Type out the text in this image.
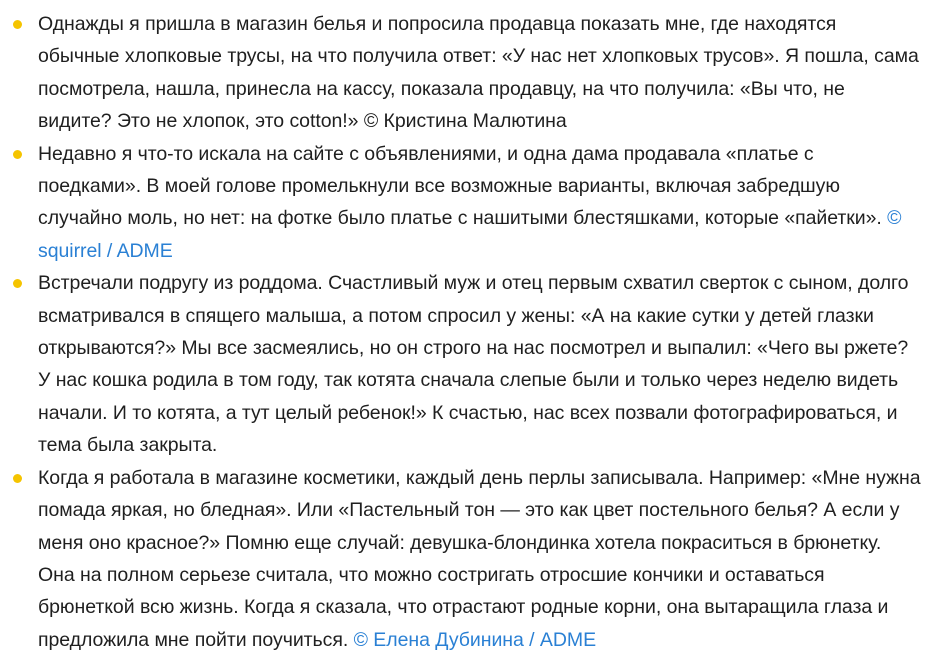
Однажды я пришла в магазин белья и попросила продавца показать мне, где находятся обычные хлопковые трусы, на что получила ответ: «У нас нет хлопковых трусов». Я пошла, сама посмотрела, нашла, принесла на кассу, показала продавцу, на что получила: «Вы что, не видите? Это не хлопок, это cotton!» © Кристина Малютина
Недавно я что-то искала на сайте с объявлениями, и одна дама продавала «платье с поедками». В моей голове промелькнули все возможные варианты, включая забредшую случайно моль, но нет: на фотке было платье с нашитыми блестяшками, которые «пайетки». © squirrel / ADME
Встречали подругу из роддома. Счастливый муж и отец первым схватил сверток с сыном, долго всматривался в спящего малыша, а потом спросил у жены: «А на какие сутки у детей глазки открываются?» Мы все засмеялись, но он строго на нас посмотрел и выпалил: «Чего вы ржете? У нас кошка родила в том году, так котята сначала слепые были и только через неделю видеть начали. И то котята, а тут целый ребенок!» К счастью, нас всех позвали фотографироваться, и тема была закрыта.
Когда я работала в магазине косметики, каждый день перлы записывала. Например: «Мне нужна помада яркая, но бледная». Или «Пастельный тон — это как цвет постельного белья? А если у меня оно красное?» Помню еще случай: девушка-блондинка хотела покраситься в брюнетку. Она на полном серьезе считала, что можно состригать отросшие кончики и оставаться брюнеткой всю жизнь. Когда я сказала, что отрастают родные корни, она вытаращила глаза и предложила мне пойти поучиться. © Елена Дубинина / ADME
